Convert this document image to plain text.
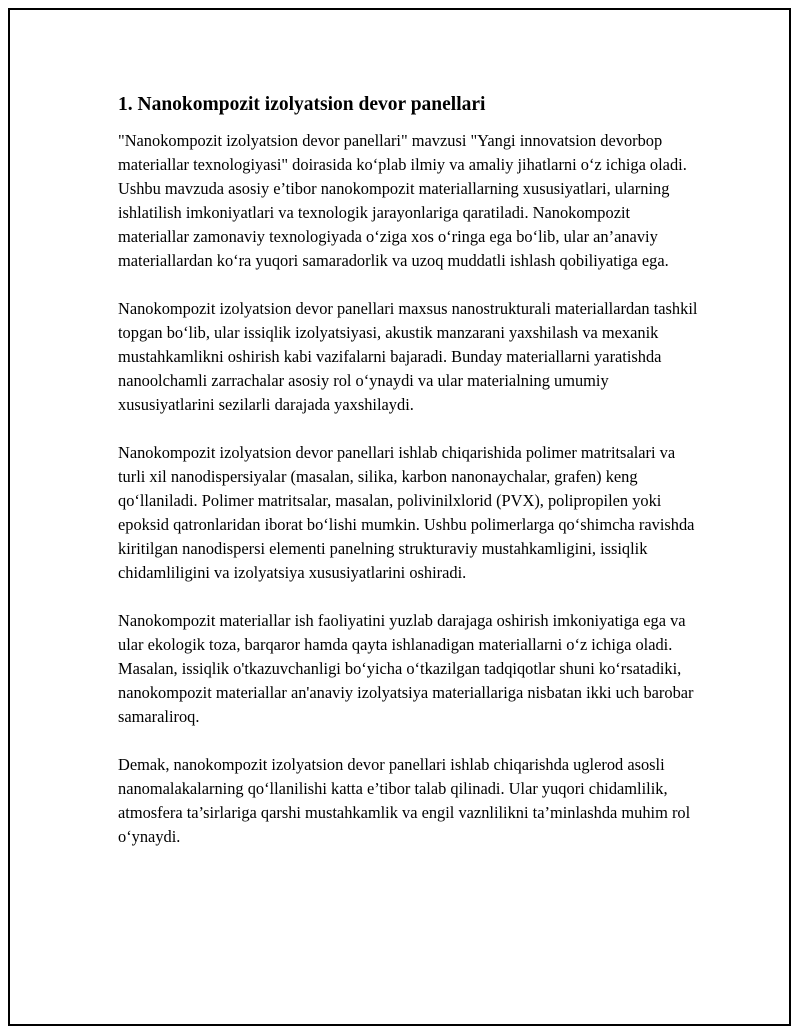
1. Nanokompozit izolyatsion devor panellari

"Nanokompozit izolyatsion devor panellari" mavzusi "Yangi innovatsion devorbop materiallar texnologiyasi" doirasida ko‘plab ilmiy va amaliy jihatlarni o‘z ichiga oladi. Ushbu mavzuda asosiy e’tibor nanokompozit materiallarning xususiyatlari, ularning ishlatilish imkoniyatlari va texnologik jarayonlariga qaratiladi. Nanokompozit materiallar zamonaviy texnologiyada o‘ziga xos o‘ringa ega bo‘lib, ular an’anaviy materiallardan ko‘ra yuqori samaradorlik va uzoq muddatli ishlash qobiliyatiga ega.

Nanokompozit izolyatsion devor panellari maxsus nanostrukturali materiallardan tashkil topgan bo‘lib, ular issiqlik izolyatsiyasi, akustik manzarani yaxshilash va mexanik mustahkamlikni oshirish kabi vazifalarni bajaradi. Bunday materiallarni yaratishda nanoolchamli zarrachalar asosiy rol o‘ynaydi va ular materialning umumiy xususiyatlarini sezilarli darajada yaxshilaydi.

Nanokompozit izolyatsion devor panellari ishlab chiqarishida polimer matritsalari va turli xil nanodispersiyalar (masalan, silika, karbon nanonaychalar, grafen) keng qo‘llaniladi. Polimer matritsalar, masalan, polivinilxlorid (PVX), polipropilen yoki epoksid qatronlaridan iborat bo‘lishi mumkin. Ushbu polimerlarga qo‘shimcha ravishda kiritilgan nanodispersi elementi panelning strukturaviy mustahkamligini, issiqlik chidamliligini va izolyatsiya xususiyatlarini oshiradi.

Nanokompozit materiallar ish faoliyatini yuzlab darajaga oshirish imkoniyatiga ega va ular ekologik toza, barqaror hamda qayta ishlanadigan materiallarni o‘z ichiga oladi. Masalan, issiqlik o'tkazuvchanligi bo‘yicha o‘tkazilgan tadqiqotlar shuni ko‘rsatadiki, nanokompozit materiallar an'anaviy izolyatsiya materiallariga nisbatan ikki uch barobar samaraliroq.

Demak, nanokompozit izolyatsion devor panellari ishlab chiqarishda uglerod asosli nanomalakalarning qo‘llanilishi katta e’tibor talab qilinadi. Ular yuqori chidamlilik, atmosfera ta’sirlariga qarshi mustahkamlik va engil vaznlilikni ta’minlashda muhim rol o‘ynaydi.
